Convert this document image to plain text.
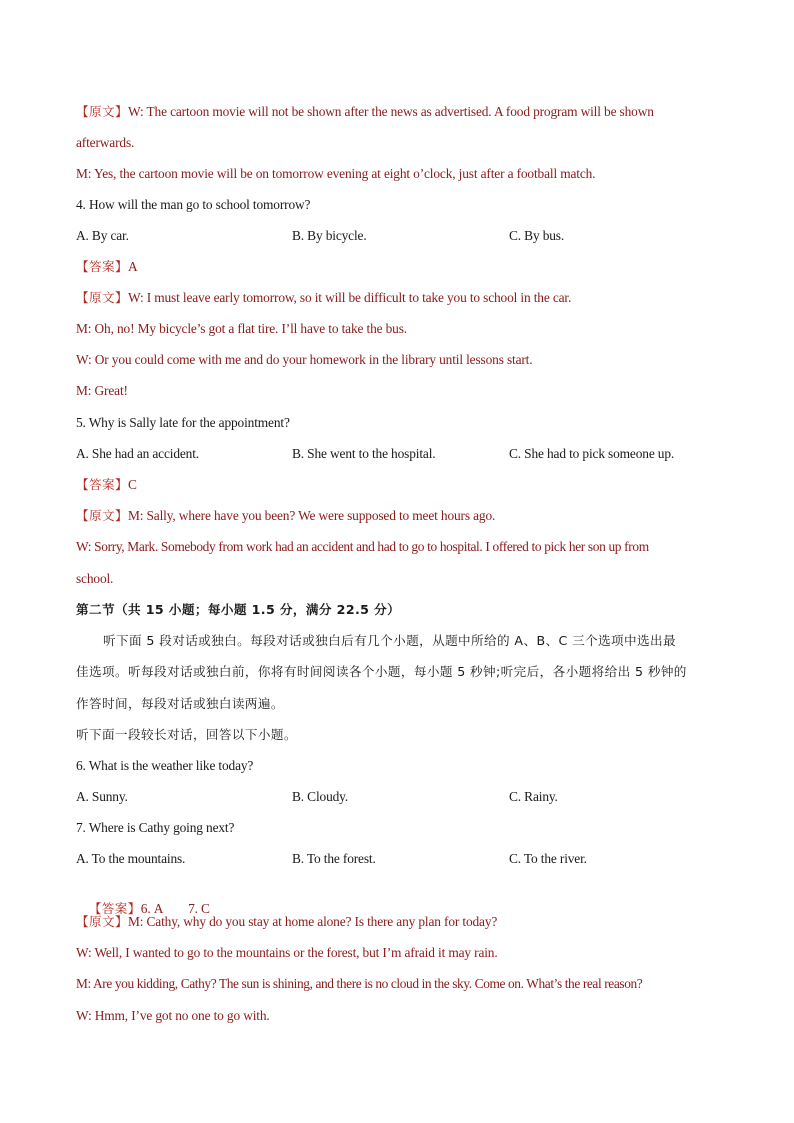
【原文】W: The cartoon movie will not be shown after the news as advertised. A food program will be shown
afterwards.
M: Yes, the cartoon movie will be on tomorrow evening at eight o’clock, just after a football match.
4. How will the man go to school tomorrow?
A. By car.	B. By bicycle.	C. By bus.
【答案】A
【原文】W: I must leave early tomorrow, so it will be difficult to take you to school in the car.
M: Oh, no! My bicycle’s got a flat tire. I’ll have to take the bus.
W: Or you could come with me and do your homework in the library until lessons start.
M: Great!
5. Why is Sally late for the appointment?
A. She had an accident.	B. She went to the hospital.	C. She had to pick someone up.
【答案】C
【原文】M: Sally, where have you been? We were supposed to meet hours ago.
W: Sorry, Mark. Somebody from work had an accident and had to go to hospital. I offered to pick her son up from
school.
第二节（共 15 小题；每小题 1.5 分，满分 22.5 分）
听下面 5 段对话或独白。每段对话或独白后有几个小题，从题中所给的 A、B、C 三个选项中选出最
佳选项。听每段对话或独白前，你将有时间阅读各个小题，每小题 5 秒钟;听完后，各小题将给出 5 秒钟的
作答时间，每段对话或独白读两遍。
听下面一段较长对话，回答以下小题。
6. What is the weather like today?
A. Sunny.	B. Cloudy.	C. Rainy.
7. Where is Cathy going next?
A. To the mountains.	B. To the forest.	C. To the river.

【答案】6. A        7. C

【原文】M: Cathy, why do you stay at home alone? Is there any plan for today?
W: Well, I wanted to go to the mountains or the forest, but I’m afraid it may rain.
M: Are you kidding, Cathy? The sun is shining, and there is no cloud in the sky. Come on. What’s the real reason?
W: Hmm, I’ve got no one to go with.
